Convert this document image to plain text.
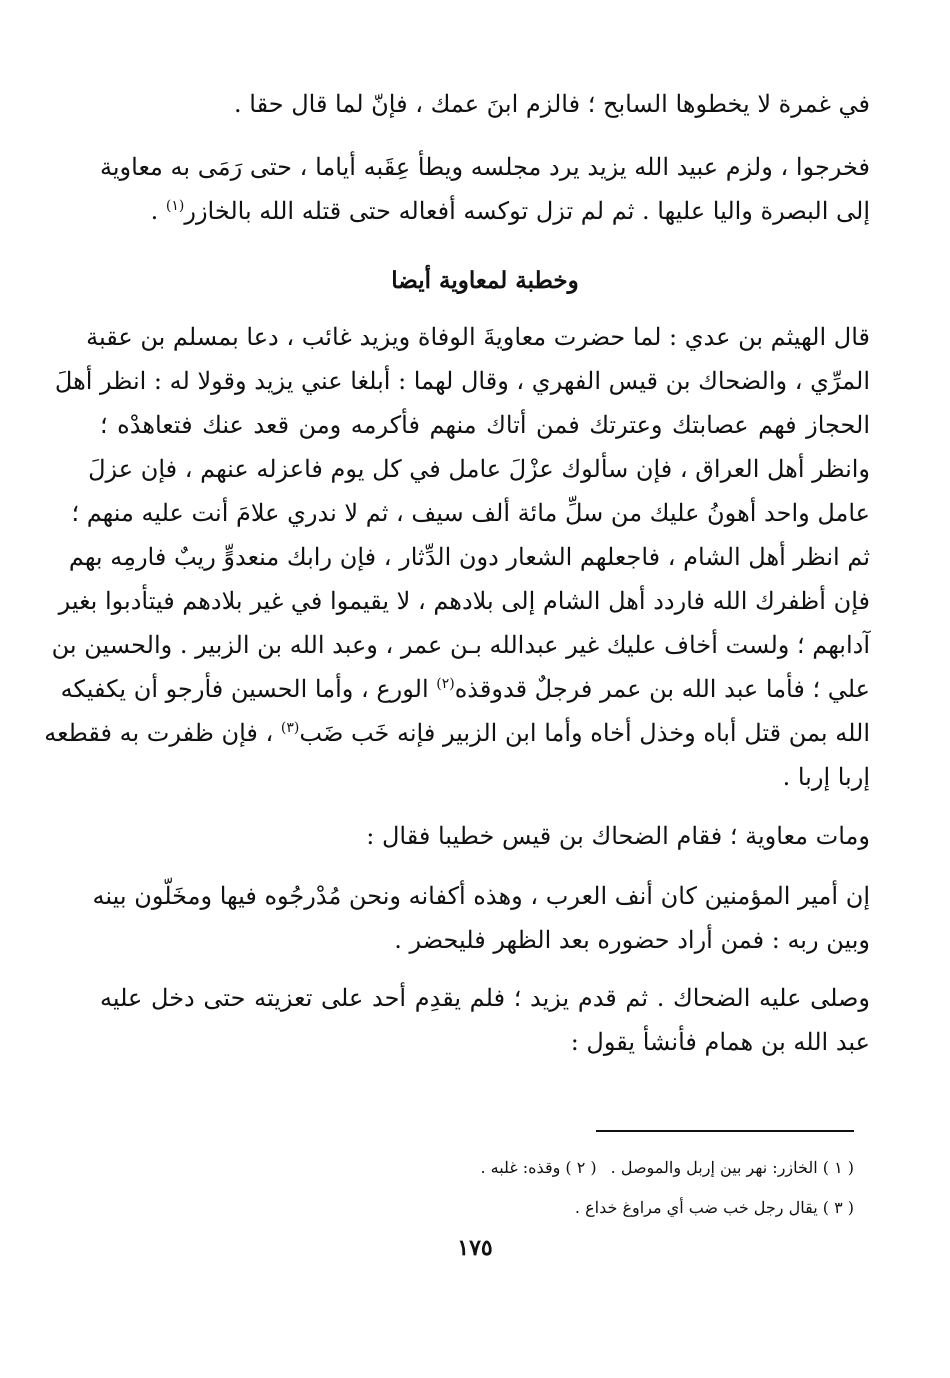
في غمرة لا يخطوها السابح ؛ فالزم ابنَ عمك ، فإنّ لما قال حقا .

فخرجوا ، ولزم عبيد الله يزيد يرد مجلسه ويطأ عِقَبه أياما ، حتى رَمَى به معاوية
إلى البصرة واليا عليها . ثم لم تزل توكسه أفعاله حتى قتله الله بالخازر$^{(١)}$ .

وخطبة لمعاوية أيضا

قال الهيثم بن عدي : لما حضرت معاويةَ الوفاة ويزيد غائب ، دعا بمسلم بن عقبة
المرِّي ، والضحاك بن قيس الفهري ، وقال لهما : أبلغا عني يزيد وقولا له : انظر أهلَ
الحجاز فهم عصابتك وعترتك فمن أتاك منهم فأكرمه ومن قعد عنك فتعاهدْه ؛
وانظر أهل العراق ، فإن سألوك عزْلَ عامل في كل يوم فاعزله عنهم ، فإن عزلَ
عامل واحد أهونُ عليك من سلِّ مائة ألف سيف ، ثم لا ندري علامَ أنت عليه منهم ؛
ثم انظر أهل الشام ، فاجعلهم الشعار دون الدِّثار ، فإن رابك منعدوٍّ ريبٌ فارمِه بهم
فإن أظفرك الله فاردد أهل الشام إلى بلادهم ، لا يقيموا في غير بلادهم فيتأدبوا بغير
آدابهم ؛ ولست أخاف عليك غير عبدالله بـن عمر ، وعبد الله بن الزبير . والحسين بن
علي ؛ فأما عبد الله بن عمر فرجلٌ قدوقذه$^{(٢)}$ الورع ، وأما الحسين فأرجو أن يكفيكه
الله بمن قتل أباه وخذل أخاه وأما ابن الزبير فإنه خَب ضَب$^{(٣)}$ ، فإن ظفرت به فقطعه
إربا إربا .

ومات معاوية ؛ فقام الضحاك بن قيس خطيبا فقال :

إن أمير المؤمنين كان أنف العرب ، وهذه أكفانه ونحن مُدْرجُوه فيها ومخَلّون بينه
وبين ربه : فمن أراد حضوره بعد الظهر فليحضر .

وصلى عليه الضحاك . ثم قدم يزيد ؛ فلم يقدِم أحد على تعزيته حتى دخل عليه
عبد الله بن همام فأنشأ يقول :

( ١ ) الخازر: نهر بين إربل والموصل .( ٢ ) وقذه: غلبه .
( ٣ ) يقال رجل خب ضب أي مراوغ خداع .
١٧٥
